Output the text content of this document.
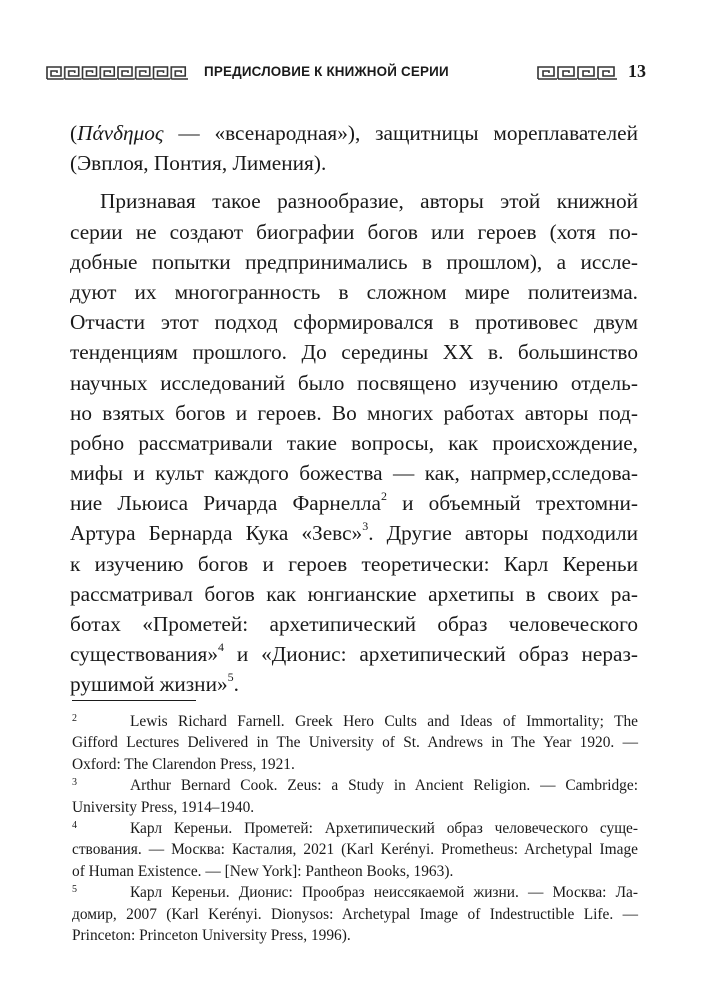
ПРЕДИСЛОВИЕ К КНИЖНОЙ СЕРИИ	13
(Πάνδημος — «всенародная»), защитницы мореплавателей
(Эвплоя, Понтия, Лимения).
Признавая такое разнообразие, авторы этой книжной
серии не создают биографии богов или героев (хотя по-
добные попытки предпринимались в прошлом), а иссле-
дуют их многогранность в сложном мире политеизма.
Отчасти этот подход сформировался в противовес двум
тенденциям прошлого. До середины XX в. большинство
научных исследований было посвящено изучению отдель-
но взятых богов и героев. Во многих работах авторы под-
робно рассматривали такие вопросы, как происхождение,
мифы и культ каждого божества — как, напрмер,сследова-
ние Льюиса Ричарда Фарнелла$^2$ и объемный трехтомни-
Артура Бернарда Кука «Зевс»$^3$. Другие авторы подходили
к изучению богов и героев теоретически: Карл Кереньи
рассматривал богов как юнгианские архетипы в своих ра-
ботах «Прометей: архетипический образ человеческого
существования»$^4$ и «Дионис: архетипический образ нераз-
рушимой жизни»$^5$.
2	Lewis Richard Farnell. Greek Hero Cults and Ideas of Immortality; The
Gifford Lectures Delivered in The University of St. Andrews in The Year 1920. —
Oxford: The Clarendon Press, 1921.
3	Arthur Bernard Cook. Zeus: a Study in Ancient Religion. — Cambridge:
University Press, 1914–1940.
4	Карл Кереньи. Прометей: Архетипический образ человеческого суще-
ствования. — Москва: Касталия, 2021 (Karl Kerényi. Prometheus: Archetypal Image
of Human Existence. — [New York]: Pantheon Books, 1963).
5	Карл Кереньи. Дионис: Прообраз неиссякаемой жизни. — Москва: Ла-
домир, 2007 (Karl Kerényi. Dionysos: Archetypal Image of Indestructible Life. —
Princeton: Princeton University Press, 1996).
